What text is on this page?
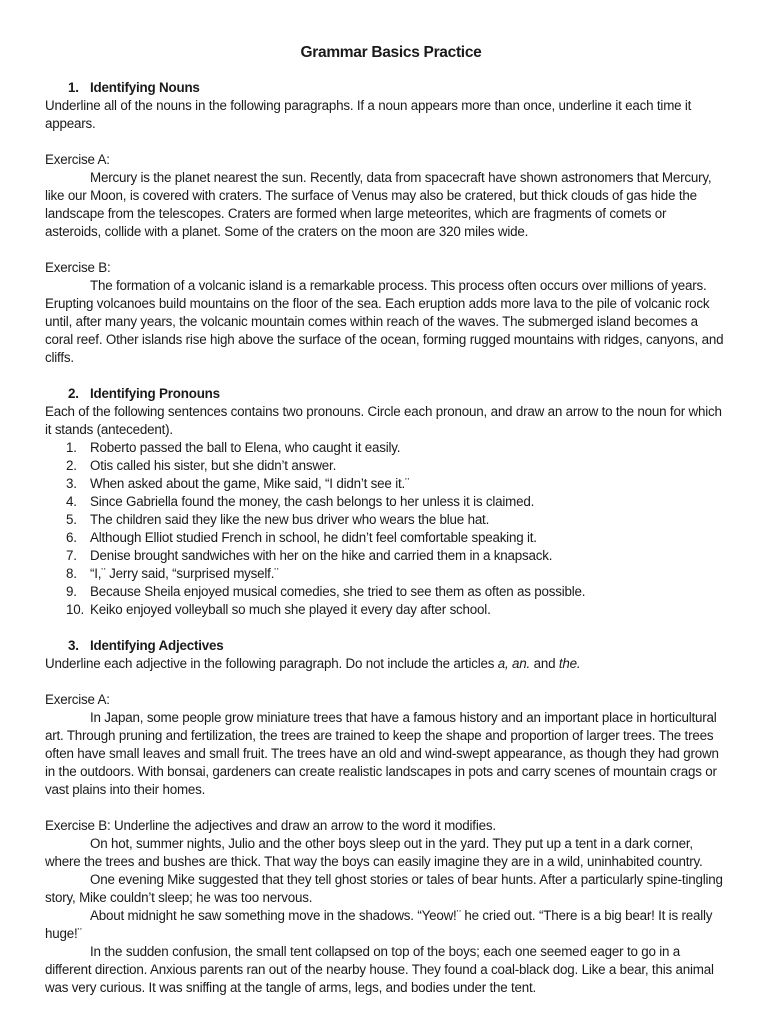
Grammar Basics Practice
1. Identifying Nouns

Underline all of the nouns in the following paragraphs. If a noun appears more than once, underline it each time it appears.

Exercise A:

Mercury is the planet nearest the sun. Recently, data from spacecraft have shown astronomers that Mercury, like our Moon, is covered with craters. The surface of Venus may also be cratered, but thick clouds of gas hide the landscape from the telescopes. Craters are formed when large meteorites, which are fragments of comets or asteroids, collide with a planet. Some of the craters on the moon are 320 miles wide.

Exercise B:

The formation of a volcanic island is a remarkable process. This process often occurs over millions of years. Erupting volcanoes build mountains on the floor of the sea. Each eruption adds more lava to the pile of volcanic rock until, after many years, the volcanic mountain comes within reach of the waves. The submerged island becomes a coral reef. Other islands rise high above the surface of the ocean, forming rugged mountains with ridges, canyons, and cliffs.

2. Identifying Pronouns

Each of the following sentences contains two pronouns. Circle each pronoun, and draw an arrow to the noun for which it stands (antecedent).

1. Roberto passed the ball to Elena, who caught it easily.
2. Otis called his sister, but she didn’t answer.
3. When asked about the game, Mike said, “I didn’t see it.¨
4. Since Gabriella found the money, the cash belongs to her unless it is claimed.
5. The children said they like the new bus driver who wears the blue hat.
6. Although Elliot studied French in school, he didn’t feel comfortable speaking it.
7. Denise brought sandwiches with her on the hike and carried them in a knapsack.
8. “I,¨ Jerry said, “surprised myself.¨
9. Because Sheila enjoyed musical comedies, she tried to see them as often as possible.
10. Keiko enjoyed volleyball so much she played it every day after school.
3. Identifying Adjectives

Underline each adjective in the following paragraph. Do not include the articles a, an. and the.

Exercise A:

In Japan, some people grow miniature trees that have a famous history and an important place in horticultural art. Through pruning and fertilization, the trees are trained to keep the shape and proportion of larger trees. The trees often have small leaves and small fruit. The trees have an old and wind-swept appearance, as though they had grown in the outdoors. With bonsai, gardeners can create realistic landscapes in pots and carry scenes of mountain crags or vast plains into their homes.

Exercise B: Underline the adjectives and draw an arrow to the word it modifies.

On hot, summer nights, Julio and the other boys sleep out in the yard. They put up a tent in a dark corner, where the trees and bushes are thick. That way the boys can easily imagine they are in a wild, uninhabited country.

One evening Mike suggested that they tell ghost stories or tales of bear hunts. After a particularly spine-tingling story, Mike couldn’t sleep; he was too nervous.

About midnight he saw something move in the shadows. “Yeow!¨ he cried out. “There is a big bear! It is really huge!¨

In the sudden confusion, the small tent collapsed on top of the boys; each one seemed eager to go in a different direction. Anxious parents ran out of the nearby house. They found a coal-black dog. Like a bear, this animal was very curious. It was sniffing at the tangle of arms, legs, and bodies under the tent.
